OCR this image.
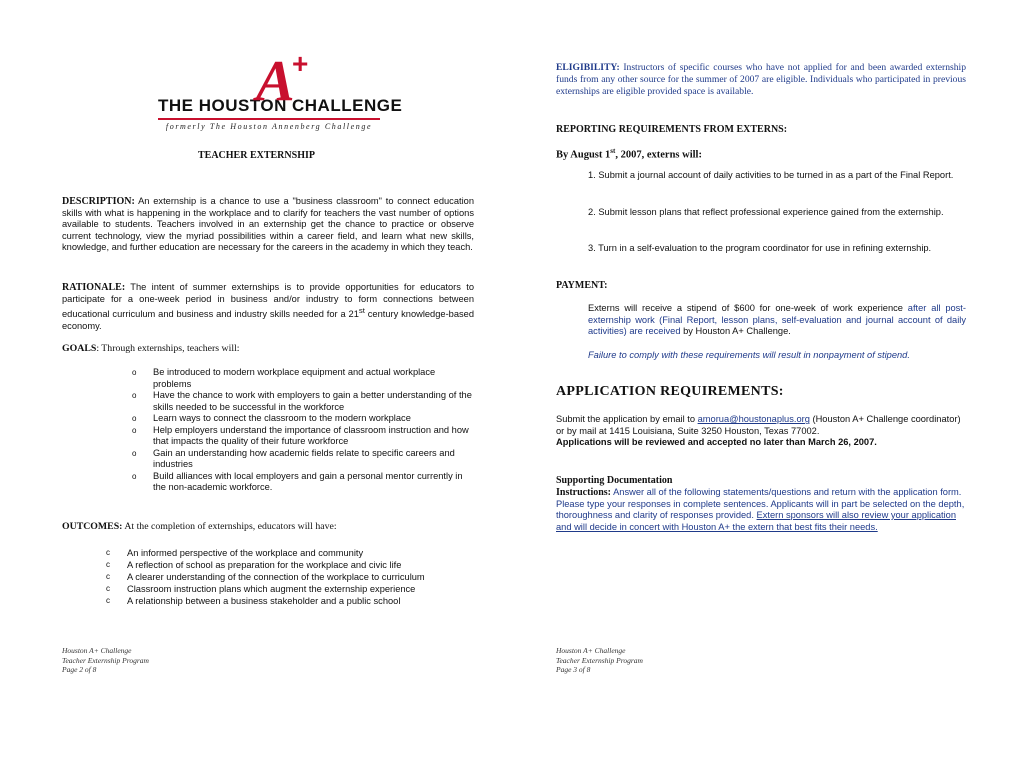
THE HOUSTON
A
+
CHALLENGE
formerly The Houston Annenberg Challenge
TEACHER EXTERNSHIP
DESCRIPTION: An externship is a chance to use a "business classroom" to connect education skills with what is happening in the workplace and to clarify for teachers the vast number of options available to students. Teachers involved in an externship get the chance to practice or observe current technology, view the myriad possibilities within a career field, and learn what new skills, knowledge, and further education are necessary for the careers in the academy in which they teach.
RATIONALE: The intent of summer externships is to provide opportunities for educators to participate for a one-week period in business and/or industry to form connections between educational curriculum and business and industry skills needed for a 21st century knowledge-based economy.
GOALS: Through externships, teachers will:
o Be introduced to modern workplace equipment and actual workplace problems
o Have the chance to work with employers to gain a better understanding of the skills needed to be successful in the workforce
o Learn ways to connect the classroom to the modern workplace
o Help employers understand the importance of classroom instruction and how that impacts the quality of their future workforce
o Gain an understanding how academic fields relate to specific careers and industries
o Build alliances with local employers and gain a personal mentor currently in the non-academic workforce.
OUTCOMES: At the completion of externships, educators will have:
c An informed perspective of the workplace and community
c A reflection of school as preparation for the workplace and civic life
c A clearer understanding of the connection of the workplace to curriculum
c Classroom instruction plans which augment the externship experience
c A relationship between a business stakeholder and a public school
Houston A+ Challenge
Teacher Externship Program
Page 2 of 8
ELIGIBILITY: Instructors of specific courses who have not applied for and been awarded externship funds from any other source for the summer of 2007 are eligible. Individuals who participated in previous externships are eligible provided space is available.
REPORTING REQUIREMENTS FROM EXTERNS:
By August 1st, 2007, externs will:
1. Submit a journal account of daily activities to be turned in as a part of the Final Report.
2. Submit lesson plans that reflect professional experience gained from the externship.
3. Turn in a self-evaluation to the program coordinator for use in refining externship.
PAYMENT:
Externs will receive a stipend of $600 for one-week of work experience after all post-externship work (Final Report, lesson plans, self-evaluation and journal account of daily activities) are received by Houston A+ Challenge.
Failure to comply with these requirements will result in nonpayment of stipend.
APPLICATION REQUIREMENTS:
Submit the application by email to amorua@houstonaplus.org (Houston A+ Challenge coordinator) or by mail at 1415 Louisiana, Suite 3250 Houston, Texas 77002.
Applications will be reviewed and accepted no later than March 26, 2007.
Supporting Documentation
Instructions: Answer all of the following statements/questions and return with the application form. Please type your responses in complete sentences. Applicants will in part be selected on the depth, thoroughness and clarity of responses provided. Extern sponsors will also review your application and will decide in concert with Houston A+ the extern that best fits their needs.
Houston A+ Challenge
Teacher Externship Program
Page 3 of 8
